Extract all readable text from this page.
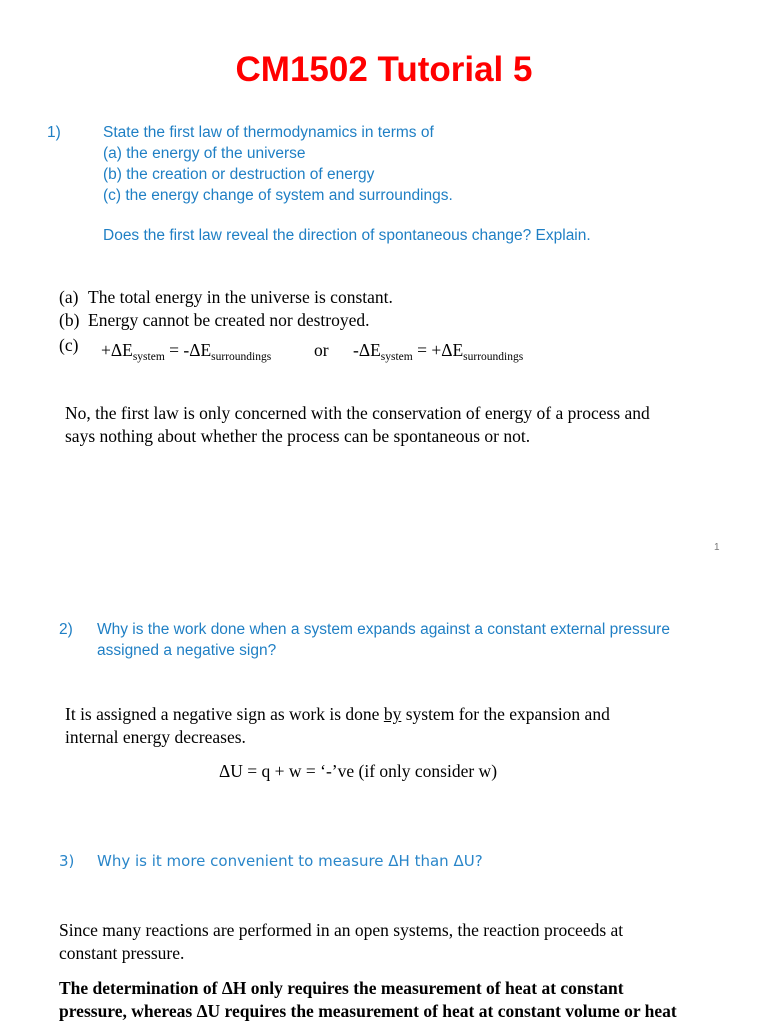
CM1502 Tutorial 5
1)	State the first law of thermodynamics in terms of
(a) the energy of the universe
(b) the creation or destruction of energy
(c) the energy change of system and surroundings.
Does the first law reveal the direction of spontaneous change? Explain.
(a) The total energy in the universe is constant.
(b) Energy cannot be created nor destroyed.
$(c) +\Delta E_{system} = -\Delta E_{surroundings}$ or $-\Delta E_{system} = +\Delta E_{surroundings}$
No, the first law is only concerned with the conservation of energy of a process and
says nothing about whether the process can be spontaneous or not.
1
2) Why is the work done when a system expands against a constant external pressure
assigned a negative sign?
It is assigned a negative sign as work is done by system for the expansion and
internal energy decreases.
ΔU = q + w = ‘-’ve (if only consider w)
3) Why is it more convenient to measure ΔH than ΔU?
Since many reactions are performed in an open systems, the reaction proceeds at
constant pressure.
The determination of ΔH only requires the measurement of heat at constant
pressure, whereas ΔU requires the measurement of heat at constant volume or heat
